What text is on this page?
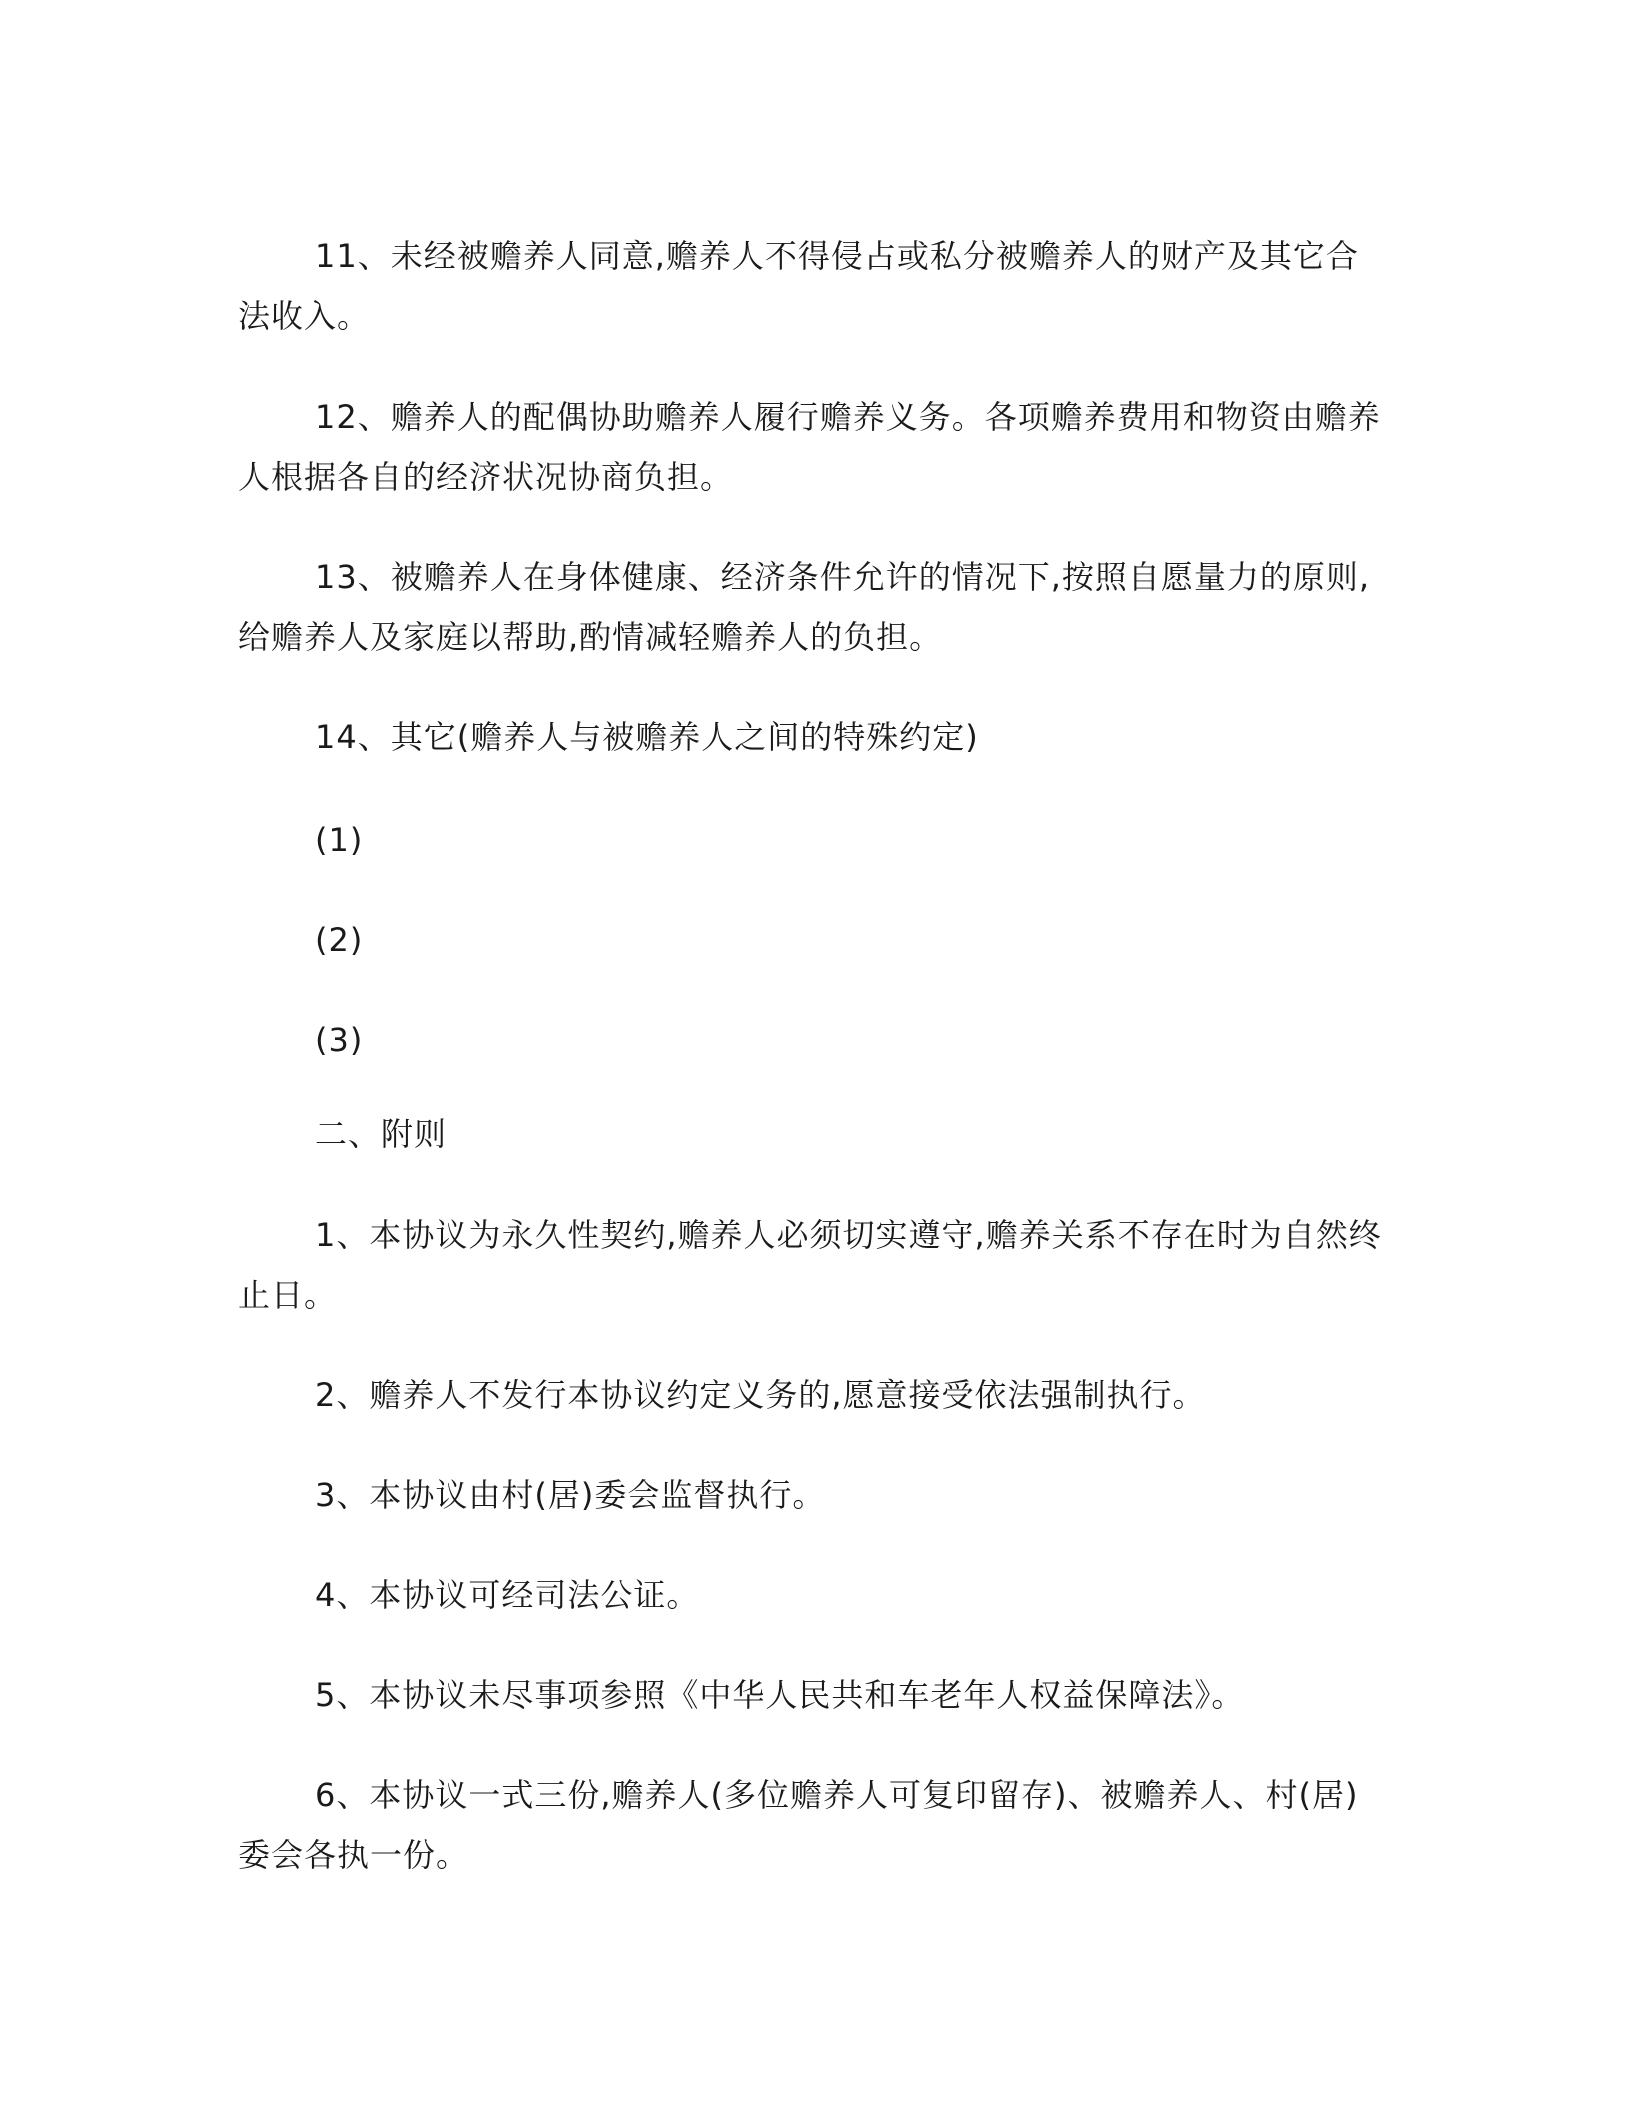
11、未经被赡养人同意,赡养人不得侵占或私分被赡养人的财产及其它合法收入。

12、赡养人的配偶协助赡养人履行赡养义务。各项赡养费用和物资由赡养人根据各自的经济状况协商负担。

13、被赡养人在身体健康、经济条件允许的情况下,按照自愿量力的原则,给赡养人及家庭以帮助,酌情减轻赡养人的负担。

14、其它(赡养人与被赡养人之间的特殊约定)

(1)

(2)

(3)

二、附则

1、本协议为永久性契约,赡养人必须切实遵守,赡养关系不存在时为自然终止日。

2、赡养人不发行本协议约定义务的,愿意接受依法强制执行。

3、本协议由村(居)委会监督执行。

4、本协议可经司法公证。

5、本协议未尽事项参照《中华人民共和车老年人权益保障法》。

6、本协议一式三份,赡养人(多位赡养人可复印留存)、被赡养人、村(居)委会各执一份。
